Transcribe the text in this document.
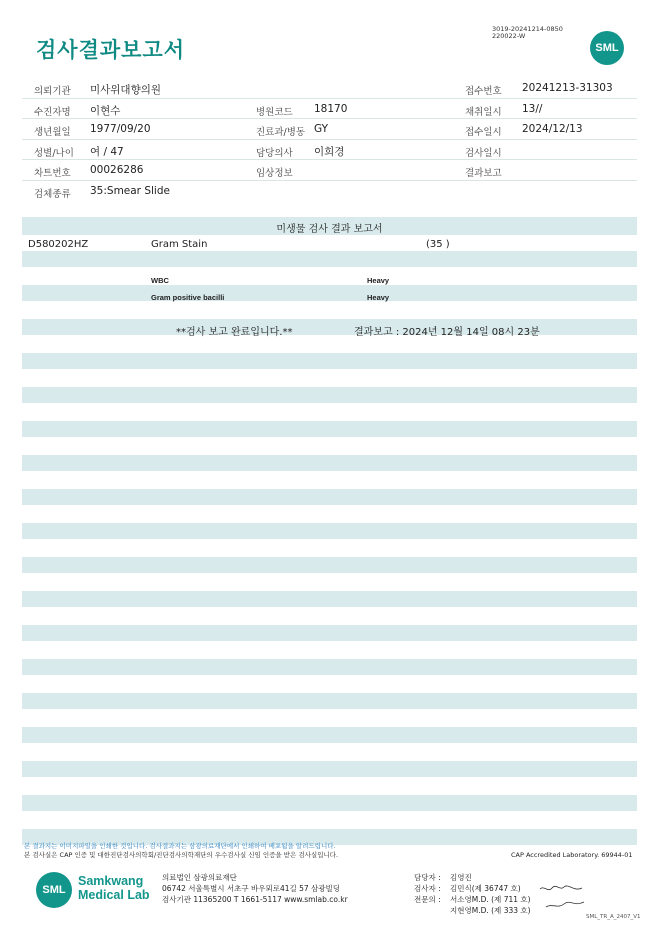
3019-20241214-0850
220022-W
검사결과보고서	SML
의뢰기관 미사위대향의원	접수번호 20241213-31303
수진자명 이현수	병원코드 18170	채취일시 13//
생년월일 1977/09/20	진료과/병동 GY	접수일시 2024/12/13
성별/나이 여 / 47	담당의사 이희경	검사일시
차트번호 00026286	임상정보	결과보고
검체종류 35:Smear Slide
미생물 검사 결과 보고서
D580202HZ	Gram Stain	(35 )
WBC	Heavy
Gram positive bacilli	Heavy
**검사 보고 완료입니다.**	결과보고 : 2024년 12월 14일 08시 23분
본 결과지는 이미지파일을 인쇄한 것입니다. 검사결과지는 삼광의료재단에서 인쇄하여 배포됨을 알려드립니다.
본 검사실은 CAP 인증 및 대한진단검사의학회/진단검사의학재단의 우수검사실 신임 인증을 받은 검사실입니다.	CAP Accredited Laboratory. 69944-01
SML
Samkwang
Medical Lab
의료법인 삼광의료재단
06742 서울특별시 서초구 바우뫼로41길 57 삼광빌딩
검사기관 11365200 T 1661-5117 www.smlab.co.kr
담당자 : 김영진
검사자 : 김민식(제 36747 호)
전문의 : 서소영M.D. (제 711 호)
지현영M.D. (제 333 호)
SML_TR_A_2407_V1
